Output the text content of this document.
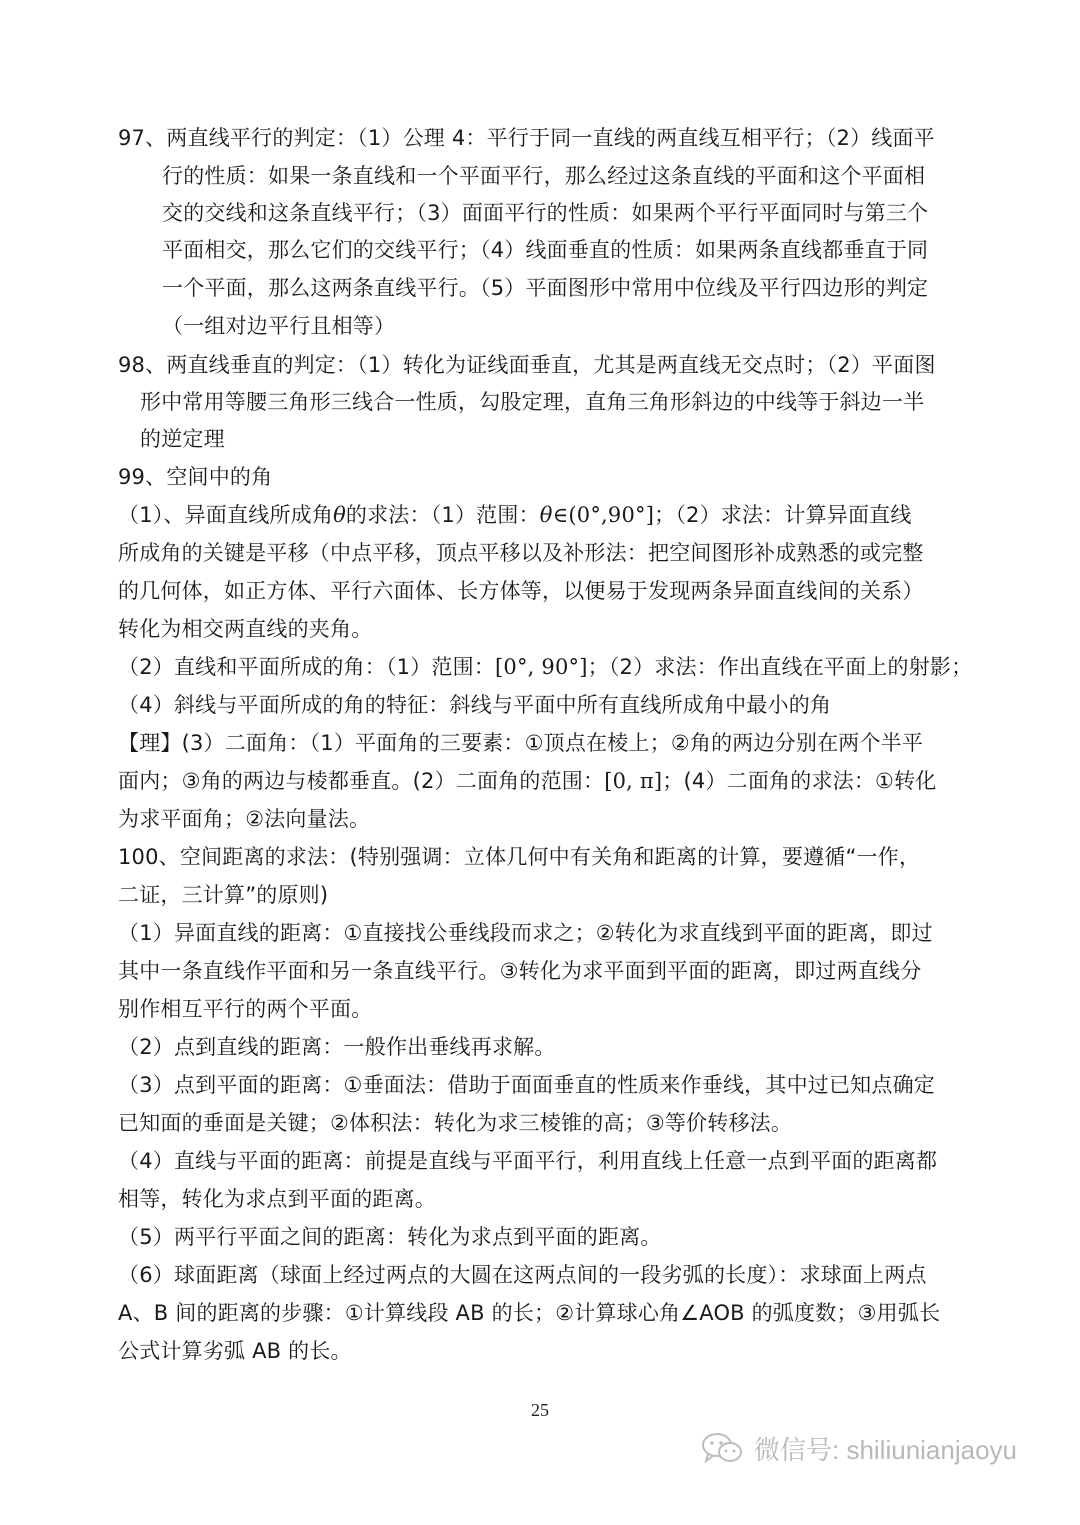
97、两直线平行的判定：（1）公理 4：平行于同一直线的两直线互相平行；（2）线面平
行的性质：如果一条直线和一个平面平行，那么经过这条直线的平面和这个平面相
交的交线和这条直线平行；（3）面面平行的性质：如果两个平行平面同时与第三个
平面相交，那么它们的交线平行；（4）线面垂直的性质：如果两条直线都垂直于同
一个平面，那么这两条直线平行。（5）平面图形中常用中位线及平行四边形的判定
（一组对边平行且相等）
98、两直线垂直的判定：（1）转化为证线面垂直，尤其是两直线无交点时；（2）平面图
形中常用等腰三角形三线合一性质，勾股定理，直角三角形斜边的中线等于斜边一半
的逆定理
99、空间中的角
（1）、异面直线所成角θ的求法：（1）范围：θ∈(0°,90°]；（2）求法：计算异面直线
所成角的关键是平移（中点平移，顶点平移以及补形法：把空间图形补成熟悉的或完整
的几何体，如正方体、平行六面体、长方体等，以便易于发现两条异面直线间的关系）
转化为相交两直线的夹角。
（2）直线和平面所成的角：（1）范围：[0°, 90°]；（2）求法：作出直线在平面上的射影；
（4）斜线与平面所成的角的特征：斜线与平面中所有直线所成角中最小的角
【理】(3）二面角：（1）平面角的三要素：①顶点在棱上；②角的两边分别在两个半平
面内；③角的两边与棱都垂直。(2）二面角的范围：[0, π]；(4）二面角的求法：①转化
为求平面角；②法向量法。
100、空间距离的求法：(特别强调：立体几何中有关角和距离的计算，要遵循“一作，
二证，三计算”的原则)
（1）异面直线的距离：①直接找公垂线段而求之；②转化为求直线到平面的距离，即过
其中一条直线作平面和另一条直线平行。③转化为求平面到平面的距离，即过两直线分
别作相互平行的两个平面。
（2）点到直线的距离：一般作出垂线再求解。
（3）点到平面的距离：①垂面法：借助于面面垂直的性质来作垂线，其中过已知点确定
已知面的垂面是关键；②体积法：转化为求三棱锥的高；③等价转移法。
（4）直线与平面的距离：前提是直线与平面平行，利用直线上任意一点到平面的距离都
相等，转化为求点到平面的距离。
（5）两平行平面之间的距离：转化为求点到平面的距离。
（6）球面距离（球面上经过两点的大圆在这两点间的一段劣弧的长度）：求球面上两点
A、B 间的距离的步骤：①计算线段 AB 的长；②计算球心角∠AOB 的弧度数；③用弧长
公式计算劣弧 AB 的长。
25
微信号: shiliunianjaoyu
